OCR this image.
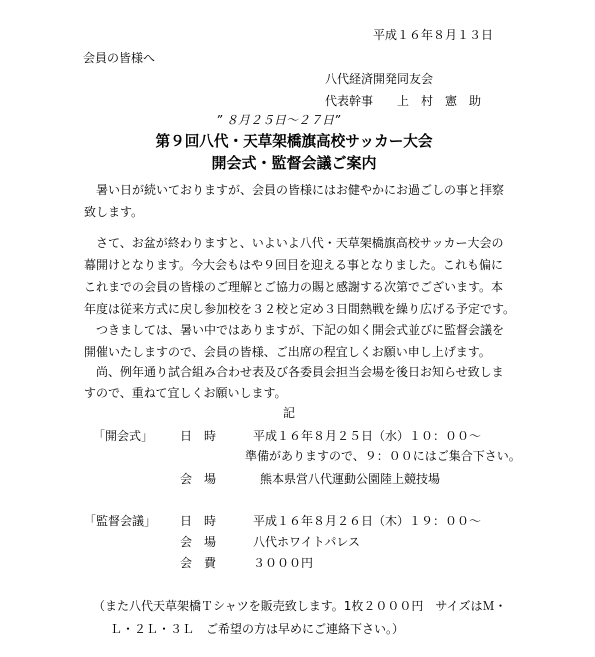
平成１６年８月１３日
会員の皆様へ
八代経済開発同友会
代表幹事 上　村　憲　助
” ８月２５日～２７日”
第９回八代・天草架橋旗高校サッカー大会
開会式・監督会議ご案内
　暑い日が続いておりますが、会員の皆様にはお健やかにお過ごしの事と拝察
致します。
　さて、お盆が終わりますと、いよいよ八代・天草架橋旗高校サッカー大会の
幕開けとなります。今大会もはや９回目を迎える事となりました。これも偏に
これまでの会員の皆様のご理解とご協力の賜と感謝する次第でございます。本
年度は従来方式に戻し参加校を３２校と定め３日間熱戦を繰り広げる予定です。
　つきましては、暑い中ではありますが、下記の如く開会式並びに監督会議を
開催いたしますので、会員の皆様、ご出席の程宜しくお願い申し上げます。
　尚、例年通り試合組み合わせ表及び各委員会担当会場を後日お知らせ致しま
すので、重ねて宜しくお願いします。
記
「開会式」 日　時	平成１６年８月２５日（水）１０：００～
準備がありますので、９：００にはご集合下さい。
会　場	熊本県営八代運動公園陸上競技場
「監督会議」 日　時	平成１６年８月２６日（木）１９：００～
会　場	八代ホワイトパレス
会　費	３０００円
（また八代天草架橋Ｔシャツを販売致します。1枚２０００円　サイズはＭ・
Ｌ・２Ｌ・３Ｌ　ご希望の方は早めにご連絡下さい。）
